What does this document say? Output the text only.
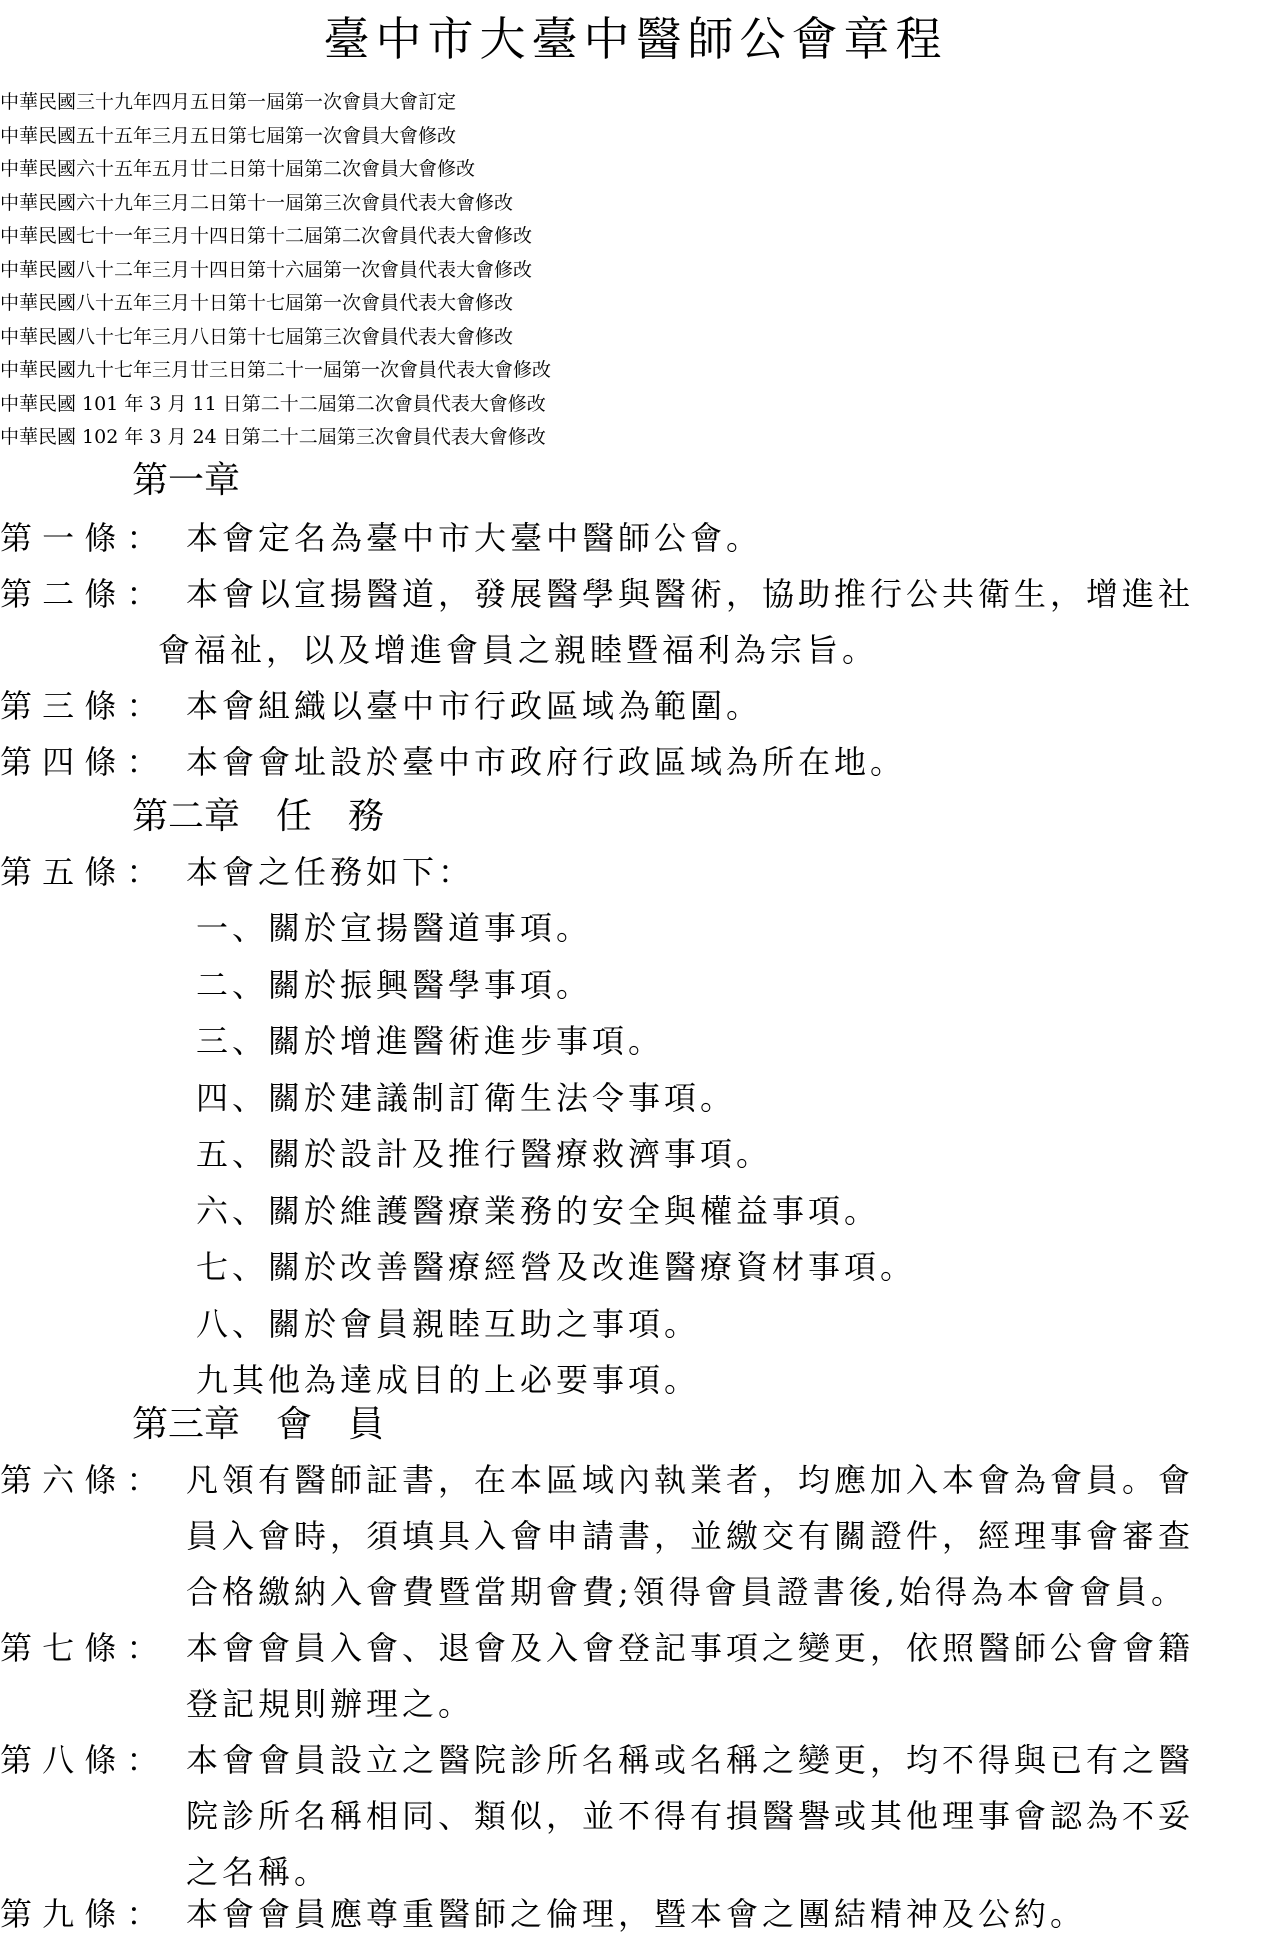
臺中市大臺中醫師公會章程
中華民國三十九年四月五日第一屆第一次會員大會訂定
中華民國五十五年三月五日第七屆第一次會員大會修改
中華民國六十五年五月廿二日第十屆第二次會員大會修改
中華民國六十九年三月二日第十一屆第三次會員代表大會修改
中華民國七十一年三月十四日第十二屆第二次會員代表大會修改
中華民國八十二年三月十四日第十六屆第一次會員代表大會修改
中華民國八十五年三月十日第十七屆第一次會員代表大會修改
中華民國八十七年三月八日第十七屆第三次會員代表大會修改
中華民國九十七年三月廿三日第二十一屆第一次會員代表大會修改
中華民國 101 年 3 月 11 日第二十二屆第二次會員代表大會修改
中華民國 102 年 3 月 24 日第二十二屆第三次會員代表大會修改
第一章
第 一 條 ： 本會定名為臺中市大臺中醫師公會。
第 二 條 ： 本會以宣揚醫道，發展醫學與醫術，協助推行公共衛生，增進社
會福祉，以及增進會員之親睦暨福利為宗旨。
第 三 條 ： 本會組織以臺中市行政區域為範圍。
第 四 條 ： 本會會址設於臺中市政府行政區域為所在地。
第二章　任　務
第 五 條 ： 本會之任務如下：
一、關於宣揚醫道事項。
二、關於振興醫學事項。
三、關於增進醫術進步事項。
四、關於建議制訂衛生法令事項。
五、關於設計及推行醫療救濟事項。
六、關於維護醫療業務的安全與權益事項。
七、關於改善醫療經營及改進醫療資材事項。
八、關於會員親睦互助之事項。
九其他為達成目的上必要事項。
第三章　會　員
第 六 條 ： 凡領有醫師証書，在本區域內執業者，均應加入本會為會員。會
員入會時，須填具入會申請書，並繳交有關證件，經理事會審查
合格繳納入會費暨當期會費;領得會員證書後,始得為本會會員。
第 七 條 ： 本會會員入會、退會及入會登記事項之變更，依照醫師公會會籍
登記規則辦理之。
第 八 條 ： 本會會員設立之醫院診所名稱或名稱之變更，均不得與已有之醫
院診所名稱相同、類似，並不得有損醫譽或其他理事會認為不妥
之名稱。
第 九 條 ： 本會會員應尊重醫師之倫理，暨本會之團結精神及公約。
